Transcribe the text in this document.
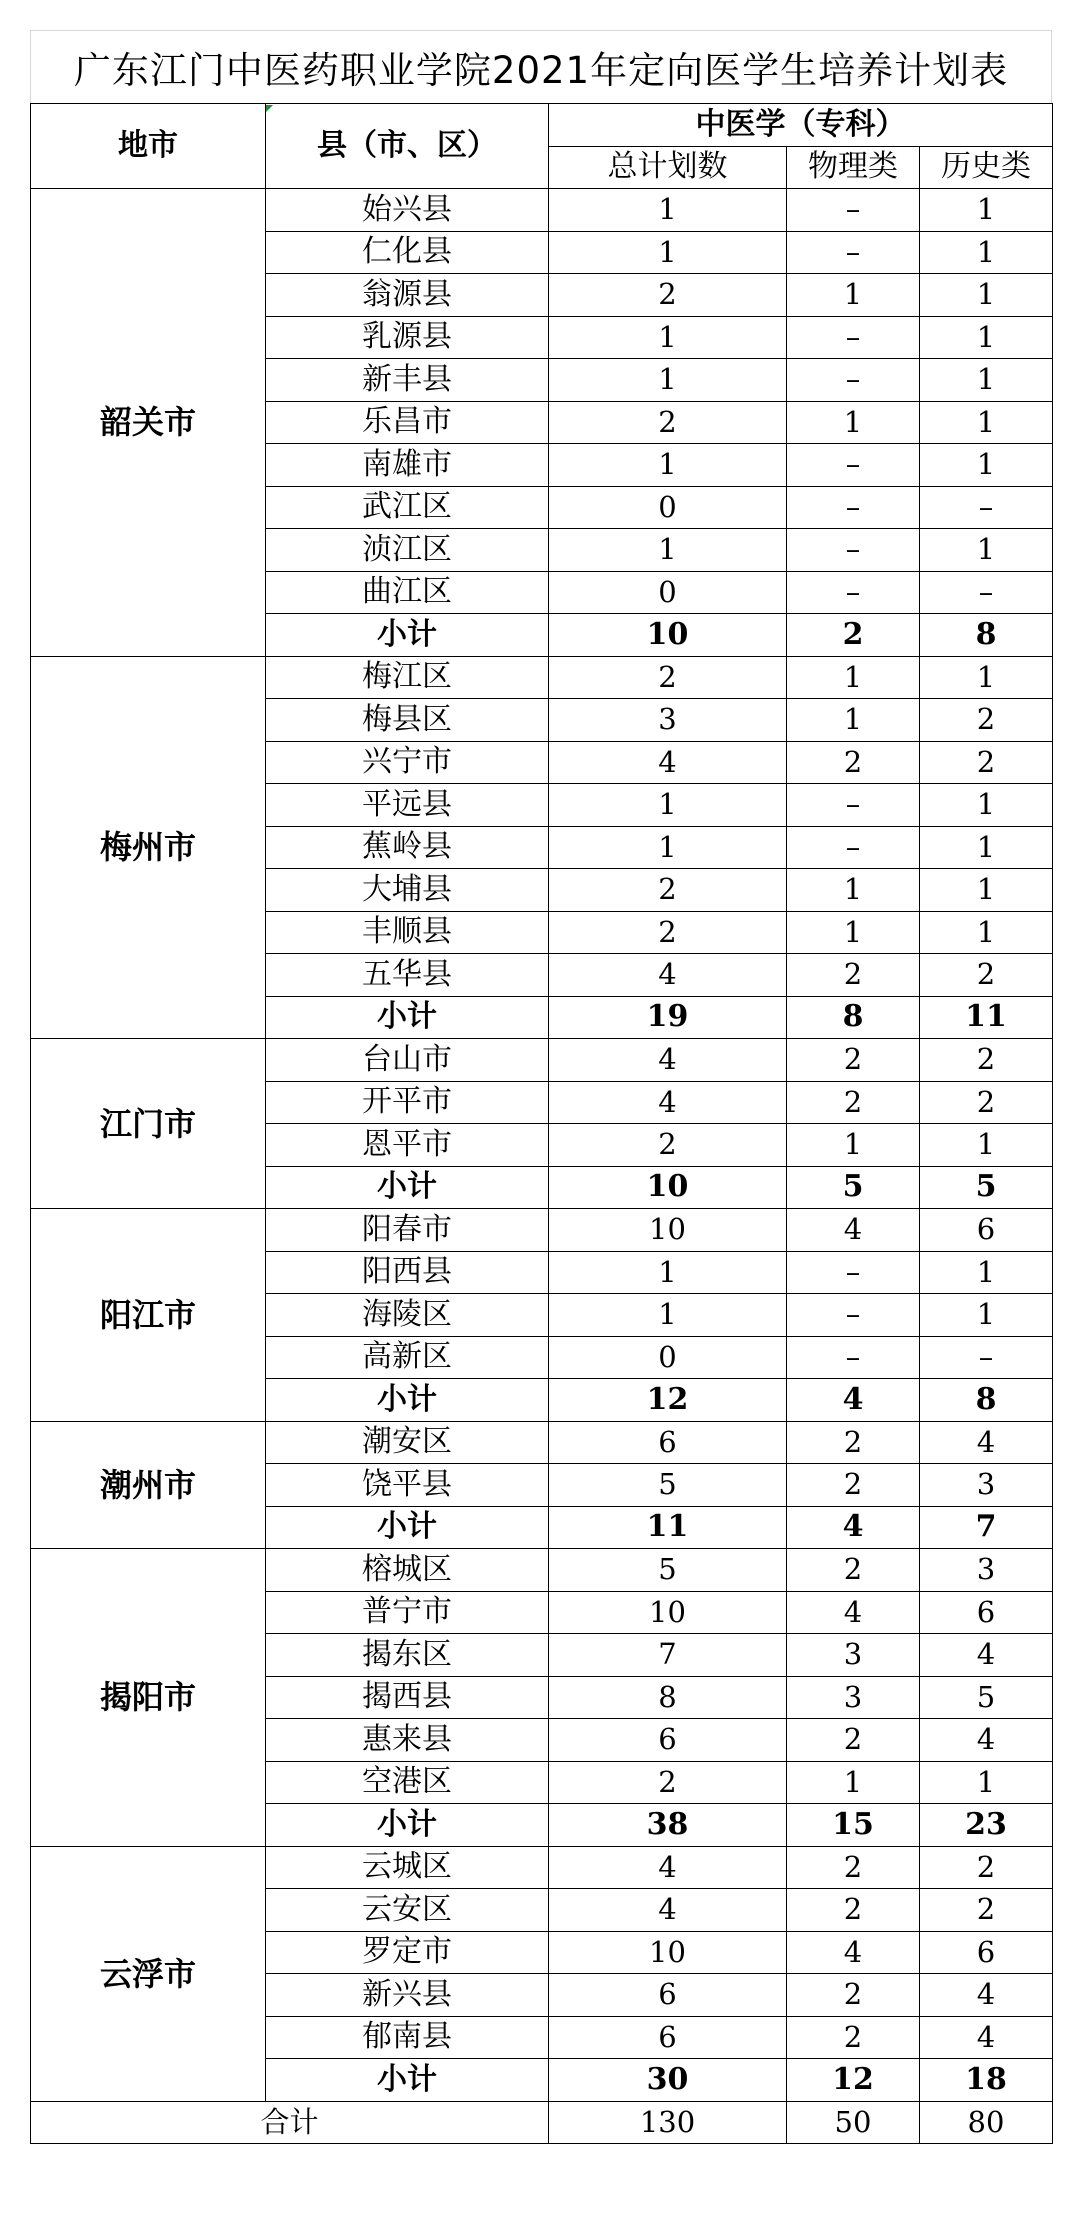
广东江门中医药职业学院2021年定向医学生培养计划表
地市	县（市、区）	中医学（专科）		
		总计划数	物理类	历史类
韶关市	始兴县	1	–	1
	仁化县	1	–	1
	翁源县	2	1	1
	乳源县	1	–	1
	新丰县	1	–	1
	乐昌市	2	1	1
	南雄市	1	–	1
	武江区	0	–	–
	浈江区	1	–	1
	曲江区	0	–	–
	小计	10	2	8
梅州市	梅江区	2	1	1
	梅县区	3	1	2
	兴宁市	4	2	2
	平远县	1	–	1
	蕉岭县	1	–	1
	大埔县	2	1	1
	丰顺县	2	1	1
	五华县	4	2	2
	小计	19	8	11
江门市	台山市	4	2	2
	开平市	4	2	2
	恩平市	2	1	1
	小计	10	5	5
阳江市	阳春市	10	4	6
	阳西县	1	–	1
	海陵区	1	–	1
	高新区	0	–	–
	小计	12	4	8
潮州市	潮安区	6	2	4
	饶平县	5	2	3
	小计	11	4	7
揭阳市	榕城区	5	2	3
	普宁市	10	4	6
	揭东区	7	3	4
	揭西县	8	3	5
	惠来县	6	2	4
	空港区	2	1	1
	小计	38	15	23
云浮市	云城区	4	2	2
	云安区	4	2	2
	罗定市	10	4	6
	新兴县	6	2	4
	郁南县	6	2	4
	小计	30	12	18
合计		130	50	80
